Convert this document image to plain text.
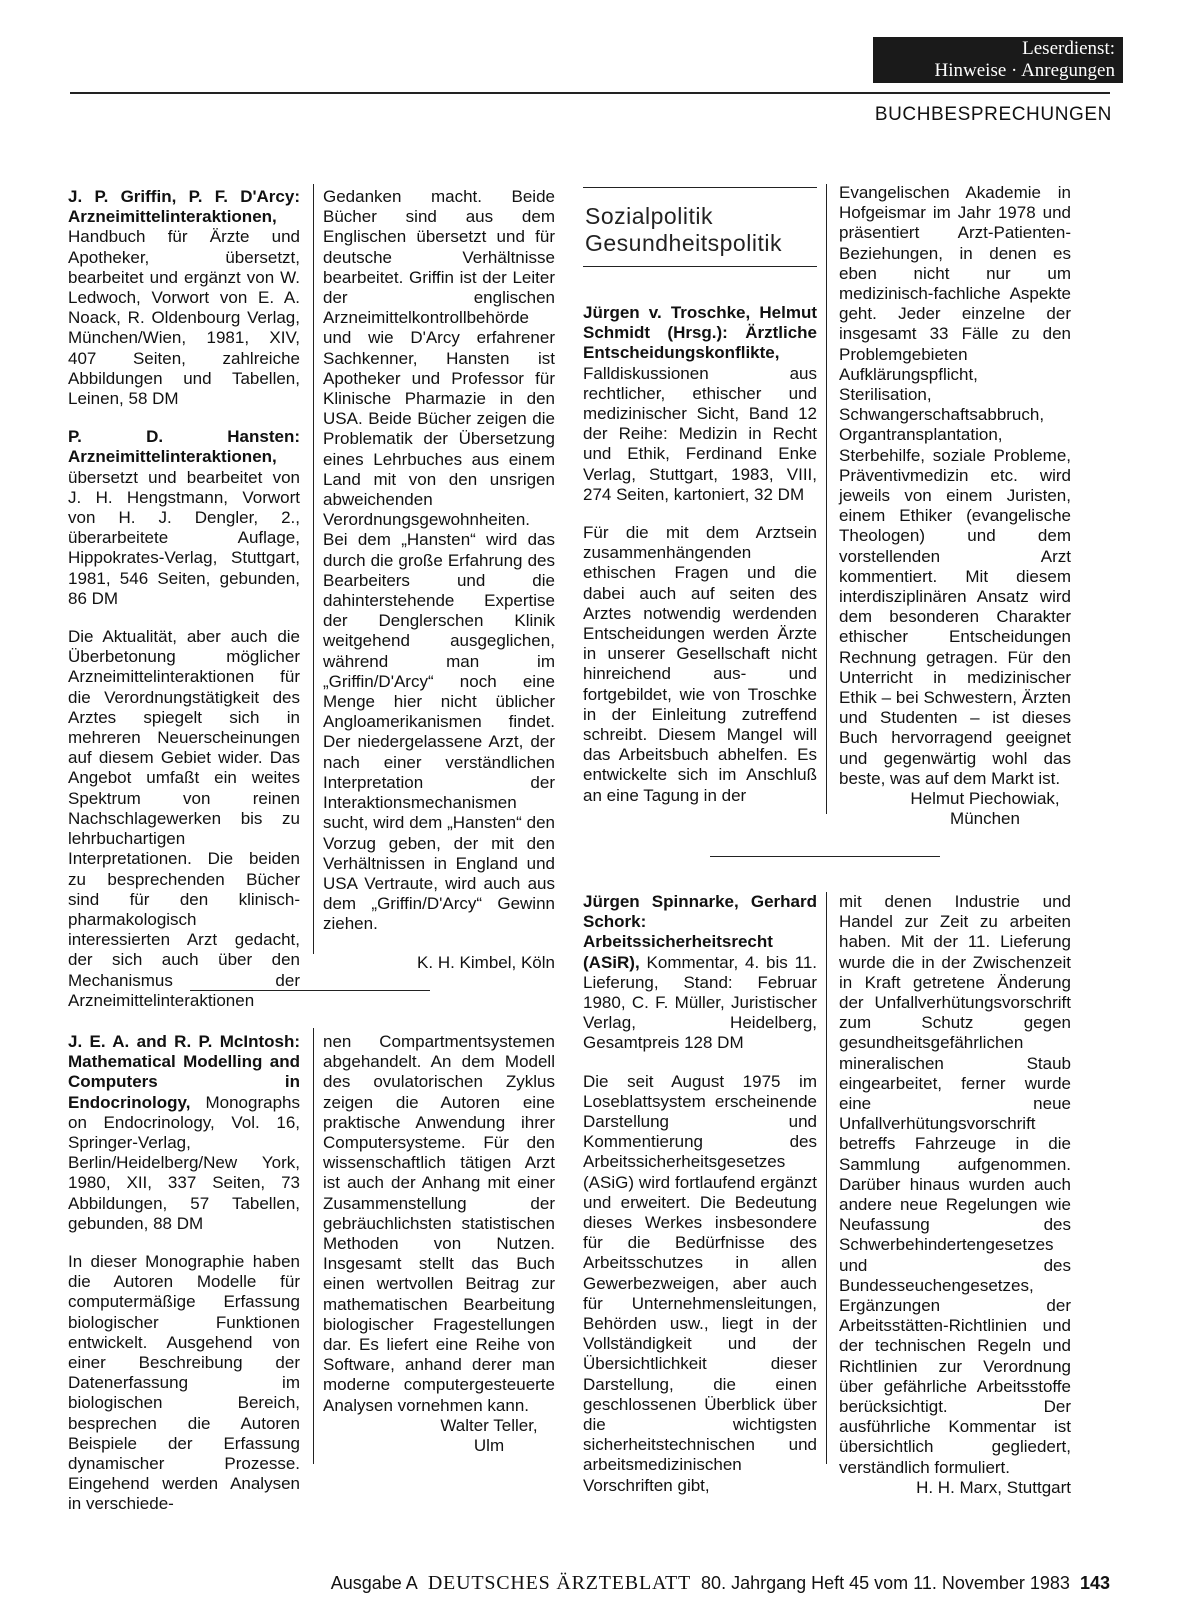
Leserdienst:
Hinweise · Anregungen
BUCHBESPRECHUNGEN
Sozialpolitik
Gesundheitspolitik

J. P. Griffin, P. F. D'Arcy: Arzneimittelinteraktionen, Handbuch für Ärzte und Apotheker, übersetzt, bearbeitet und ergänzt von W. Ledwoch, Vorwort von E. A. Noack, R. Oldenbourg Verlag, München/Wien, 1981, XIV, 407 Seiten, zahlreiche Abbildungen und Tabellen, Leinen, 58 DM

P. D. Hansten: Arzneimittelinteraktionen, übersetzt und bearbeitet von J. H. Hengstmann, Vorwort von H. J. Dengler, 2., überarbeitete Auflage, Hippokrates-Verlag, Stuttgart, 1981, 546 Seiten, gebunden, 86 DM

Die Aktualität, aber auch die Überbetonung möglicher Arzneimittelinteraktionen für die Verordnungstätigkeit des Arztes spiegelt sich in mehreren Neuerscheinungen auf diesem Gebiet wider. Das Angebot umfaßt ein weites Spektrum von reinen Nachschlagewerken bis zu lehrbuchartigen Interpretationen. Die beiden zu besprechenden Bücher sind für den klinisch-pharmakologisch interessierten Arzt gedacht, der sich auch über den Mechanismus der Arzneimittelinteraktionen

Gedanken macht. Beide Bücher sind aus dem Englischen übersetzt und für deutsche Verhältnisse bearbeitet. Griffin ist der Leiter der englischen Arzneimittelkontrollbehörde und wie D'Arcy erfahrener Sachkenner, Hansten ist Apotheker und Professor für Klinische Pharmazie in den USA. Beide Bücher zeigen die Problematik der Übersetzung eines Lehrbuches aus einem Land mit von den unsrigen abweichenden Verordnungsgewohnheiten. Bei dem „Hansten“ wird das durch die große Erfahrung des Bearbeiters und die dahinterstehende Expertise der Denglerschen Klinik weitgehend ausgeglichen, während man im „Griffin/D'Arcy“ noch eine Menge hier nicht üblicher Angloamerikanismen findet. Der niedergelassene Arzt, der nach einer verständlichen Interpretation der Interaktionsmechanismen sucht, wird dem „Hansten“ den Vorzug geben, der mit den Verhältnissen in England und USA Vertraute, wird auch aus dem „Griffin/D'Arcy“ Gewinn ziehen.

K. H. Kimbel, Köln

J. E. A. and R. P. McIntosh: Mathematical Modelling and Computers in Endocrinology, Monographs on Endocrinology, Vol. 16, Springer-Verlag, Berlin/Heidelberg/New York, 1980, XII, 337 Seiten, 73 Abbildungen, 57 Tabellen, gebunden, 88 DM

In dieser Monographie haben die Autoren Modelle für computermäßige Erfassung biologischer Funktionen entwickelt. Ausgehend von einer Beschreibung der Datenerfassung im biologischen Bereich, besprechen die Autoren Beispiele der Erfassung dynamischer Prozesse. Eingehend werden Analysen in verschiede-

nen Compartmentsystemen abgehandelt. An dem Modell des ovulatorischen Zyklus zeigen die Autoren eine praktische Anwendung ihrer Computersysteme. Für den wissenschaftlich tätigen Arzt ist auch der Anhang mit einer Zusammenstellung der gebräuchlichsten statistischen Methoden von Nutzen. Insgesamt stellt das Buch einen wertvollen Beitrag zur mathematischen Bearbeitung biologischer Fragestellungen dar. Es liefert eine Reihe von Software, anhand derer man moderne computergesteuerte Analysen vornehmen kann.

Walter Teller,

Ulm

Jürgen v. Troschke, Helmut Schmidt (Hrsg.): Ärztliche Entscheidungskonflikte, Falldiskussionen aus rechtlicher, ethischer und medizinischer Sicht, Band 12 der Reihe: Medizin in Recht und Ethik, Ferdinand Enke Verlag, Stuttgart, 1983, VIII, 274 Seiten, kartoniert, 32 DM

Für die mit dem Arztsein zusammenhängenden ethischen Fragen und die dabei auch auf seiten des Arztes notwendig werdenden Entscheidungen werden Ärzte in unserer Gesellschaft nicht hinreichend aus- und fortgebildet, wie von Troschke in der Einleitung zutreffend schreibt. Diesem Mangel will das Arbeitsbuch abhelfen. Es entwickelte sich im Anschluß an eine Tagung in der

Evangelischen Akademie in Hofgeismar im Jahr 1978 und präsentiert Arzt-Patienten-Beziehungen, in denen es eben nicht nur um medizinisch-fachliche Aspekte geht. Jeder einzelne der insgesamt 33 Fälle zu den Problemgebieten Aufklärungspflicht, Sterilisation, Schwangerschaftsabbruch, Organtransplantation, Sterbehilfe, soziale Probleme, Präventivmedizin etc. wird jeweils von einem Juristen, einem Ethiker (evangelische Theologen) und dem vorstellenden Arzt kommentiert. Mit diesem interdisziplinären Ansatz wird dem besonderen Charakter ethischer Entscheidungen Rechnung getragen. Für den Unterricht in medizinischer Ethik – bei Schwestern, Ärzten und Studenten – ist dieses Buch hervorragend geeignet und gegenwärtig wohl das beste, was auf dem Markt ist.

Helmut Piechowiak,

München

Jürgen Spinnarke, Gerhard Schork: Arbeitssicherheitsrecht (ASiR), Kommentar, 4. bis 11. Lieferung, Stand: Februar 1980, C. F. Müller, Juristischer Verlag, Heidelberg, Gesamtpreis 128 DM

Die seit August 1975 im Loseblattsystem erscheinende Darstellung und Kommentierung des Arbeitssicherheitsgesetzes (ASiG) wird fortlaufend ergänzt und erweitert. Die Bedeutung dieses Werkes insbesondere für die Bedürfnisse des Arbeitsschutzes in allen Gewerbezweigen, aber auch für Unternehmensleitungen, Behörden usw., liegt in der Vollständigkeit und der Übersichtlichkeit dieser Darstellung, die einen geschlossenen Überblick über die wichtigsten sicherheitstechnischen und arbeitsmedizinischen Vorschriften gibt,

mit denen Industrie und Handel zur Zeit zu arbeiten haben. Mit der 11. Lieferung wurde die in der Zwischenzeit in Kraft getretene Änderung der Unfallverhütungsvorschrift zum Schutz gegen gesundheitsgefährlichen mineralischen Staub eingearbeitet, ferner wurde eine neue Unfallverhütungsvorschrift betreffs Fahrzeuge in die Sammlung aufgenommen. Darüber hinaus wurden auch andere neue Regelungen wie Neufassung des Schwerbehindertengesetzes und des Bundesseuchengesetzes, Ergänzungen der Arbeitsstätten-Richtlinien und der technischen Regeln und Richtlinien zur Verordnung über gefährliche Arbeitsstoffe berücksichtigt. Der ausführliche Kommentar ist übersichtlich gegliedert, verständlich formuliert.

H. H. Marx, Stuttgart

Ausgabe A DEUTSCHES ÄRZTEBLATT 80. Jahrgang Heft 45 vom 11. November 1983 143
